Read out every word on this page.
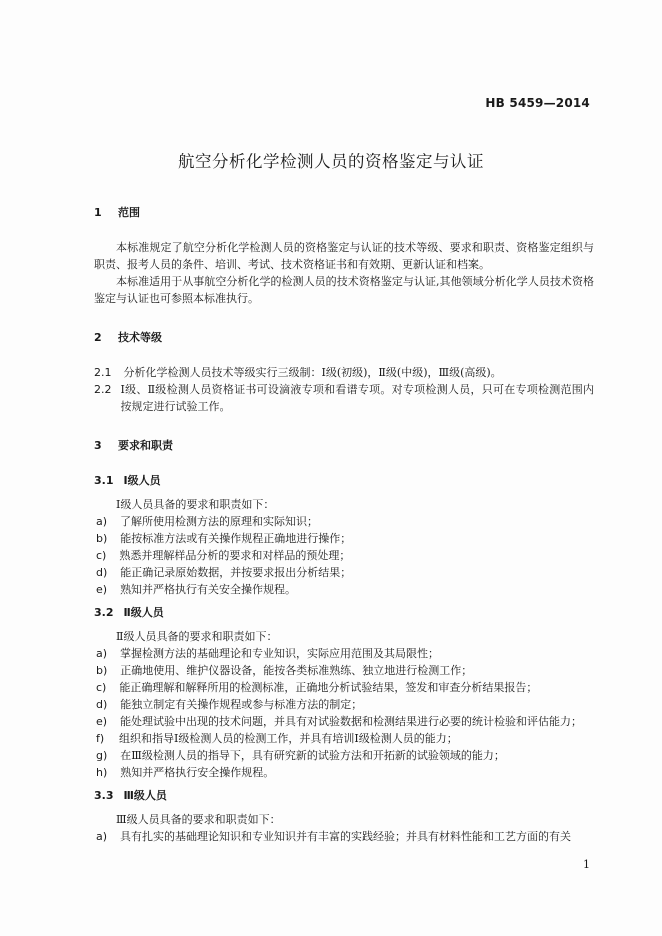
HB 5459—2014
航空分析化学检测人员的资格鉴定与认证
1 范围

本标准规定了航空分析化学检测人员的资格鉴定与认证的技术等级、要求和职责、资格鉴定组织与职责、报考人员的条件、培训、考试、技术资格证书和有效期、更新认证和档案。

本标准适用于从事航空分析化学的检测人员的技术资格鉴定与认证,其他领域分析化学人员技术资格鉴定与认证也可参照本标准执行。

2 技术等级
2.1 分析化学检测人员技术等级实行三级制：Ⅰ级(初级)，Ⅱ级(中级)，Ⅲ级(高级)。
2.2 Ⅰ级、Ⅱ级检测人员资格证书可设滴液专项和看谱专项。对专项检测人员，只可在专项检测范围内按规定进行试验工作。
3 要求和职责
3.1 Ⅰ级人员
Ⅰ级人员具备的要求和职责如下：
a) 了解所使用检测方法的原理和实际知识；
b) 能按标准方法或有关操作规程正确地进行操作；
c) 熟悉并理解样品分析的要求和对样品的预处理；
d) 能正确记录原始数据，并按要求报出分析结果；
e) 熟知并严格执行有关安全操作规程。
3.2 Ⅱ级人员
Ⅱ级人员具备的要求和职责如下：
a) 掌握检测方法的基础理论和专业知识，实际应用范围及其局限性；
b) 正确地使用、维护仪器设备，能按各类标准熟练、独立地进行检测工作；
c) 能正确理解和解释所用的检测标准，正确地分析试验结果，签发和审查分析结果报告；
d) 能独立制定有关操作规程或参与标准方法的制定；
e) 能处理试验中出现的技术问题，并具有对试验数据和检测结果进行必要的统计检验和评估能力；
f) 组织和指导Ⅰ级检测人员的检测工作，并具有培训Ⅰ级检测人员的能力；
g) 在Ⅲ级检测人员的指导下，具有研究新的试验方法和开拓新的试验领域的能力；
h) 熟知并严格执行安全操作规程。
3.3 Ⅲ级人员
Ⅲ级人员具备的要求和职责如下：
a) 具有扎实的基础理论知识和专业知识并有丰富的实践经验；并具有材料性能和工艺方面的有关
1
